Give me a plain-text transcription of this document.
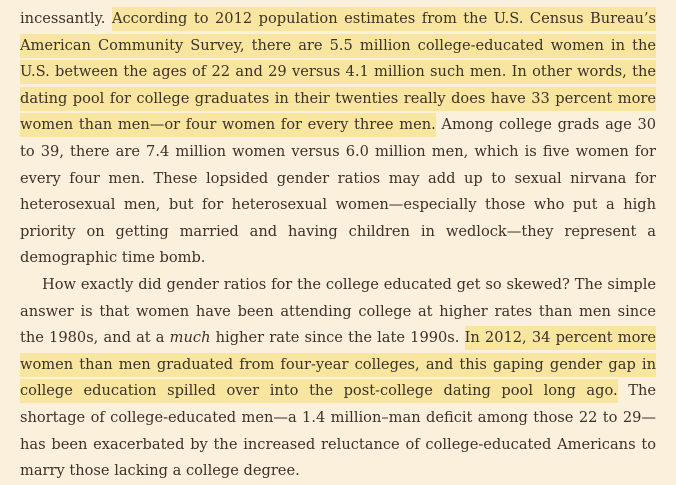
incessantly. According to 2012 population estimates from the U.S. Census Bureau’s American Community Survey, there are 5.5 million college-educated women in the U.S. between the ages of 22 and 29 versus 4.1 million such men. In other words, the dating pool for college graduates in their twenties really does have 33 percent more women than men—or four women for every three men. Among college grads age 30 to 39, there are 7.4 million women versus 6.0 million men, which is five women for every four men. These lopsided gender ratios may add up to sexual nirvana for heterosexual men, but for heterosexual women—especially those who put a high priority on getting married and having children in wedlock—they represent a demographic time bomb.

How exactly did gender ratios for the college educated get so skewed? The simple answer is that women have been attending college at higher rates than men since the 1980s, and at a much higher rate since the late 1990s. In 2012, 34 percent more women than men graduated from four-year colleges, and this gaping gender gap in college education spilled over into the post-college dating pool long ago. The shortage of college-educated men—a 1.4 million–man deficit among those 22 to 29—has been exacerbated by the increased reluctance of college-educated Americans to marry those lacking a college degree.
